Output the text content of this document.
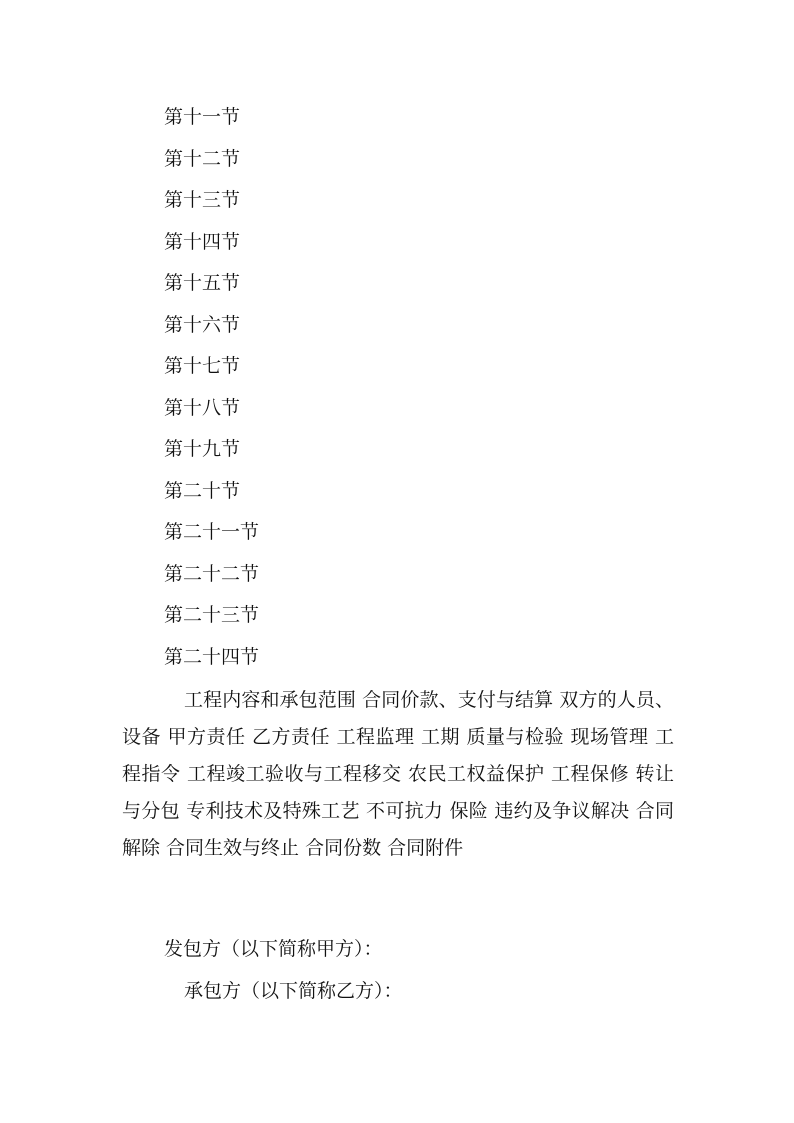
第十一节
第十二节
第十三节
第十四节
第十五节
第十六节
第十七节
第十八节
第十九节
第二十节
第二十一节
第二十二节
第二十三节
第二十四节

工程内容和承包范围 合同价款、支付与结算 双方的人员、设备 甲方责任 乙方责任 工程监理 工期 质量与检验 现场管理 工程指令 工程竣工验收与工程移交 农民工权益保护 工程保修 转让与分包 专利技术及特殊工艺 不可抗力 保险 违约及争议解决 合同解除 合同生效与终止 合同份数 合同附件

发包方（以下简称甲方）：

承包方（以下简称乙方）：
